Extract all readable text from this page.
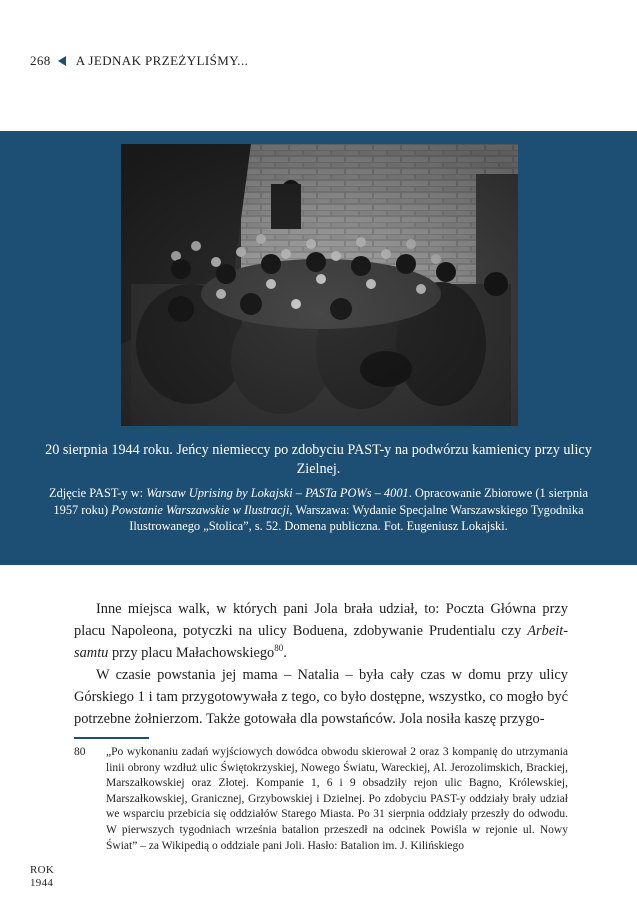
268 A JEDNAK PRZEŻYLIŚMY...
20 sierpnia 1944 roku. Jeńcy niemieccy po zdobyciu PAST-y na podwórzu kamienicy przy ulicy Zielnej.
Zdjęcie PAST-y w: Warsaw Uprising by Lokajski – PASTa POWs – 4001. Opracowanie Zbiorowe (1 sierpnia 1957 roku) Powstanie Warszawskie w Ilustracji, Warszawa: Wydanie Specjalne Warszawskiego Tygodnika Ilustrowanego „Stolica”, s. 52. Domena publiczna. Fot. Eugeniusz Lokajski.

Inne miejsca walk, w których pani Jola brała udział, to: Poczta Główna przy placu Napoleona, potyczki na ulicy Boduena, zdobywanie Prudentialu czy Arbeit-samtu przy placu Małachowskiego$^{80}$.

W czasie powstania jej mama – Natalia – była cały czas w domu przy ulicy Górskiego 1 i tam przygotowywała z tego, co było dostępne, wszystko, co mogło być potrzebne żołnierzom. Także gotowała dla powstańców. Jola nosiła kaszę przygo-

80 „Po wykonaniu zadań wyjściowych dowódca obwodu skierował 2 oraz 3 kompanię do utrzymania linii obrony wzdłuż ulic Świętokrzyskiej, Nowego Światu, Wareckiej, Al. Jerozolimskich, Brackiej, Marszałkowskiej oraz Złotej. Kompanie 1, 6 i 9 obsadziły rejon ulic Bagno, Królewskiej, Marszałkowskiej, Granicznej, Grzybowskiej i Dzielnej. Po zdobyciu PAST-y oddziały brały udział we wsparciu przebicia się oddziałów Starego Miasta. Po 31 sierpnia oddziały przeszły do odwodu. W pierwszych tygodniach września batalion przeszedł na odcinek Powiśla w rejonie ul. Nowy Świat” – za Wikipedią o oddziale pani Joli. Hasło: Batalion im. J. Kilińskiego
ROK
1944
